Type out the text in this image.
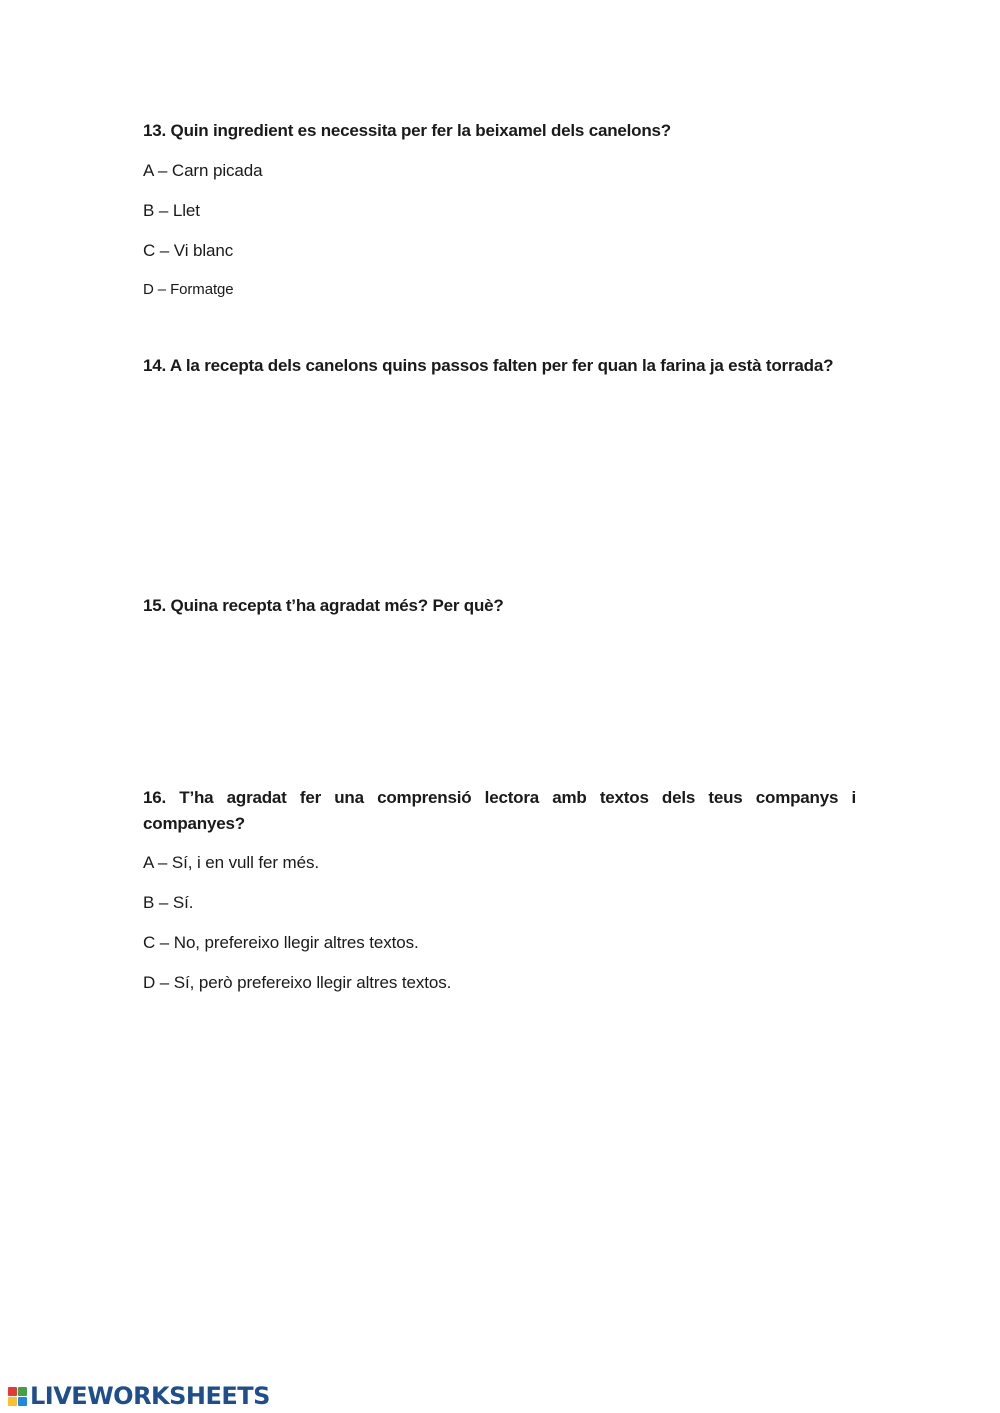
13. Quin ingredient es necessita per fer la beixamel dels canelons?
A – Carn picada
B – Llet
C – Vi blanc
D – Formatge
14. A la recepta dels canelons quins passos falten per fer quan la farina ja està torrada?
15. Quina recepta t’ha agradat més? Per què?
16. T’ha agradat fer una comprensió lectora amb textos dels teus companys i companyes?
A – Sí, i en vull fer més.
B – Sí.
C – No, prefereixo llegir altres textos.
D – Sí, però prefereixo llegir altres textos.
LIVEWORKSHEETS
